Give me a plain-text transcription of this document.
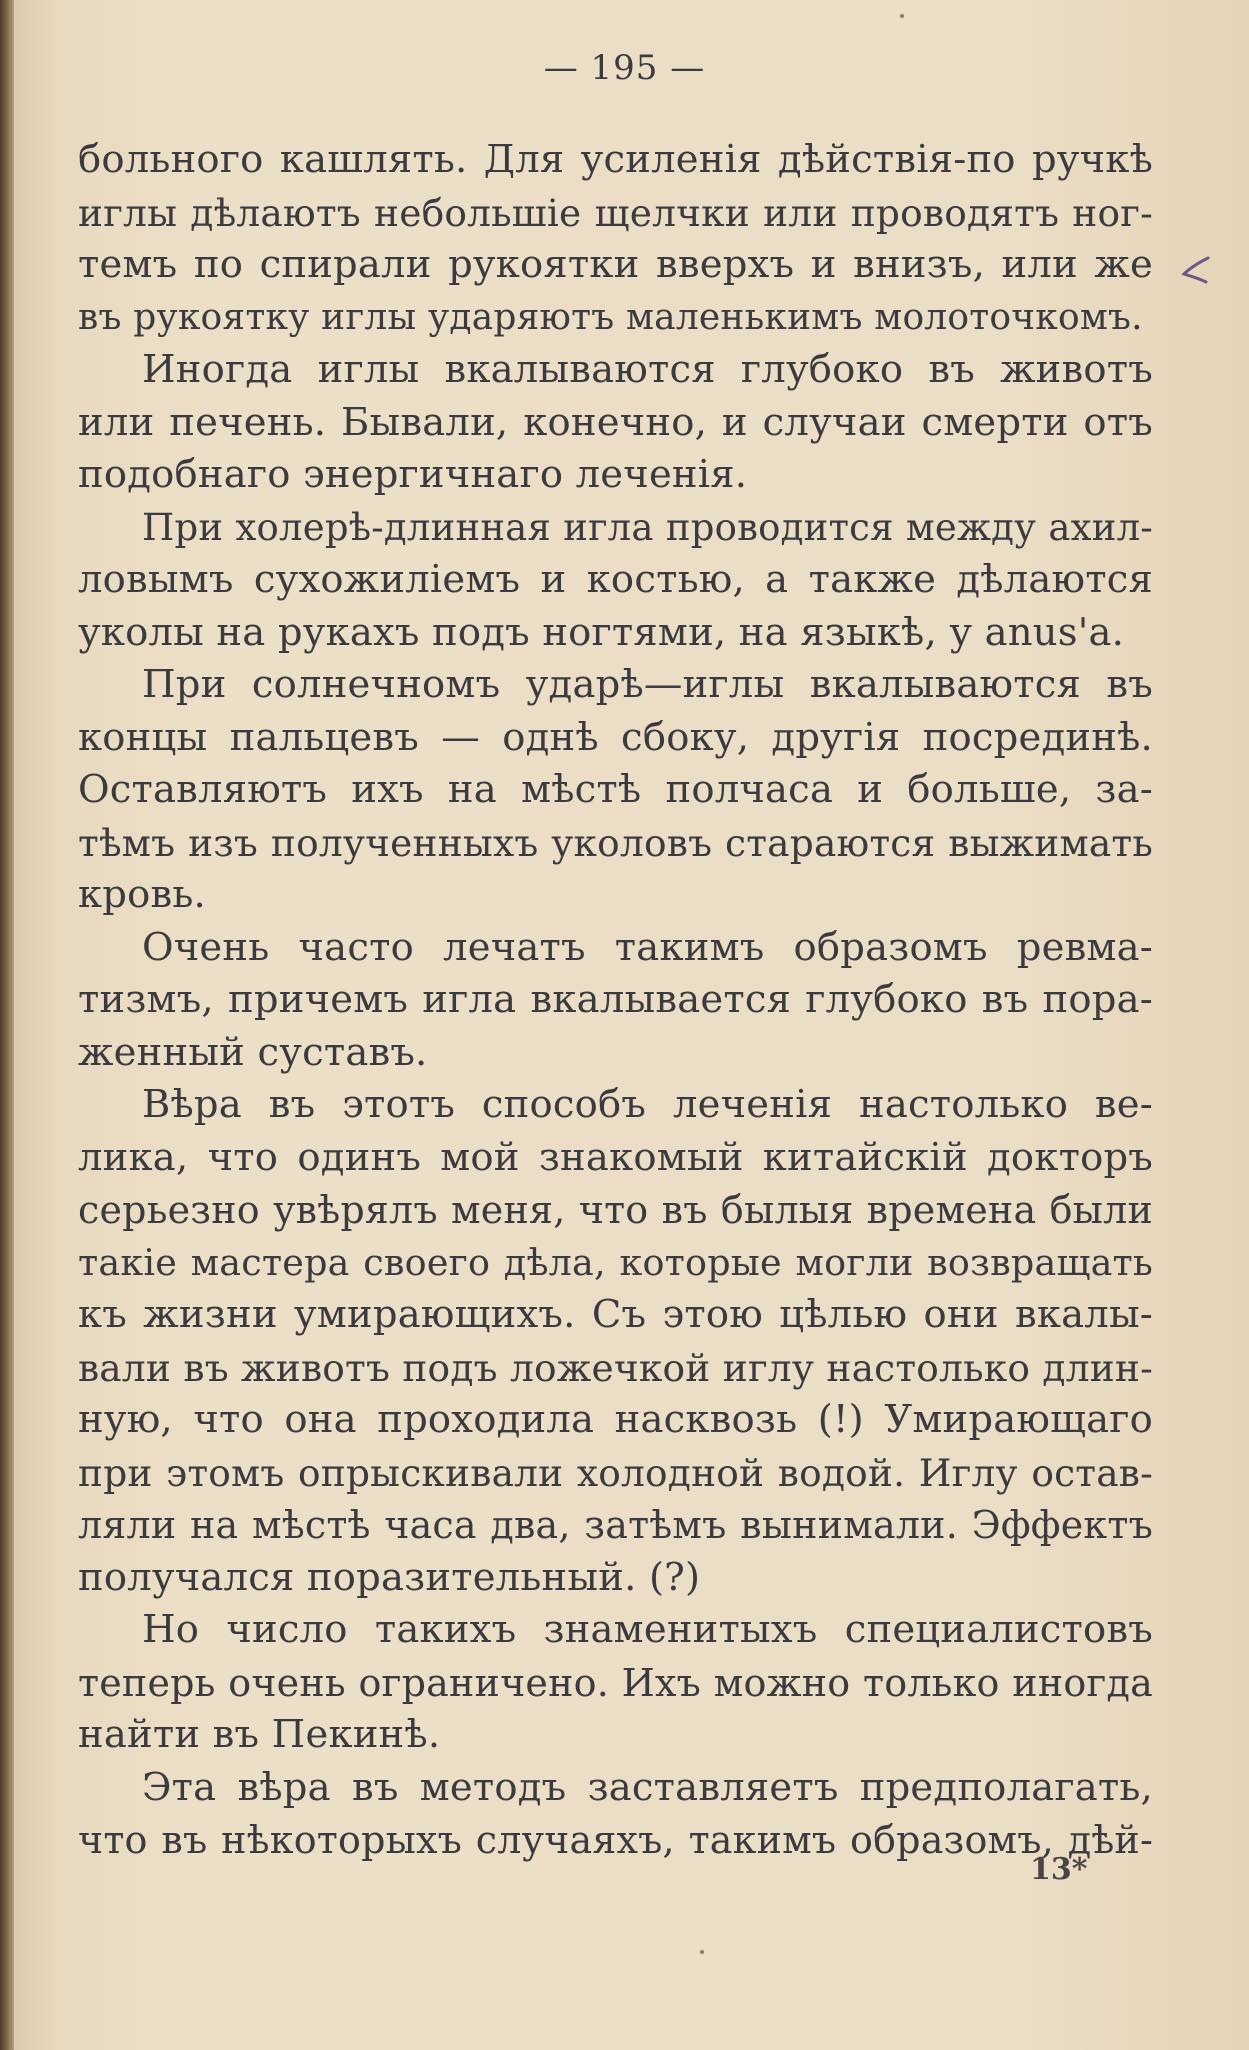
— 195 —
больного кашлять. Для усиленія дѣйствія-по ручкѣ
иглы дѣлаютъ небольшіе щелчки или проводятъ ног-
темъ по спирали рукоятки вверхъ и внизъ, или же
въ рукоятку иглы ударяютъ маленькимъ молоточкомъ.
Иногда иглы вкалываются глубоко въ животъ
или печень. Бывали, конечно, и случаи смерти отъ
подобнаго энергичнаго леченія.
При холерѣ-длинная игла проводится между ахил-
ловымъ сухожиліемъ и костью, а также дѣлаются
уколы на рукахъ подъ ногтями, на языкѣ, у anus'а.
При солнечномъ ударѣ—иглы вкалываются въ
концы пальцевъ — однѣ сбоку, другія посрединѣ.
Оставляютъ ихъ на мѣстѣ полчаса и больше, за-
тѣмъ изъ полученныхъ уколовъ стараются выжимать
кровь.
Очень часто лечатъ такимъ образомъ ревма-
тизмъ, причемъ игла вкалывается глубоко въ пора-
женный суставъ.
Вѣра въ этотъ способъ леченія настолько ве-
лика, что одинъ мой знакомый китайскій докторъ
серьезно увѣрялъ меня, что въ былыя времена были
такіе мастера своего дѣла, которые могли возвращать
къ жизни умирающихъ. Съ этою цѣлью они вкалы-
вали въ животъ подъ ложечкой иглу настолько длин-
ную, что она проходила насквозь (!) Умирающаго
при этомъ опрыскивали холодной водой. Иглу остав-
ляли на мѣстѣ часа два, затѣмъ вынимали. Эффектъ
получался поразительный. (?)
Но число такихъ знаменитыхъ специалистовъ
теперь очень ограничено. Ихъ можно только иногда
найти въ Пекинѣ.
Эта вѣра въ методъ заставляетъ предполагать,
что въ нѣкоторыхъ случаяхъ, такимъ образомъ, дѣй-
13*
